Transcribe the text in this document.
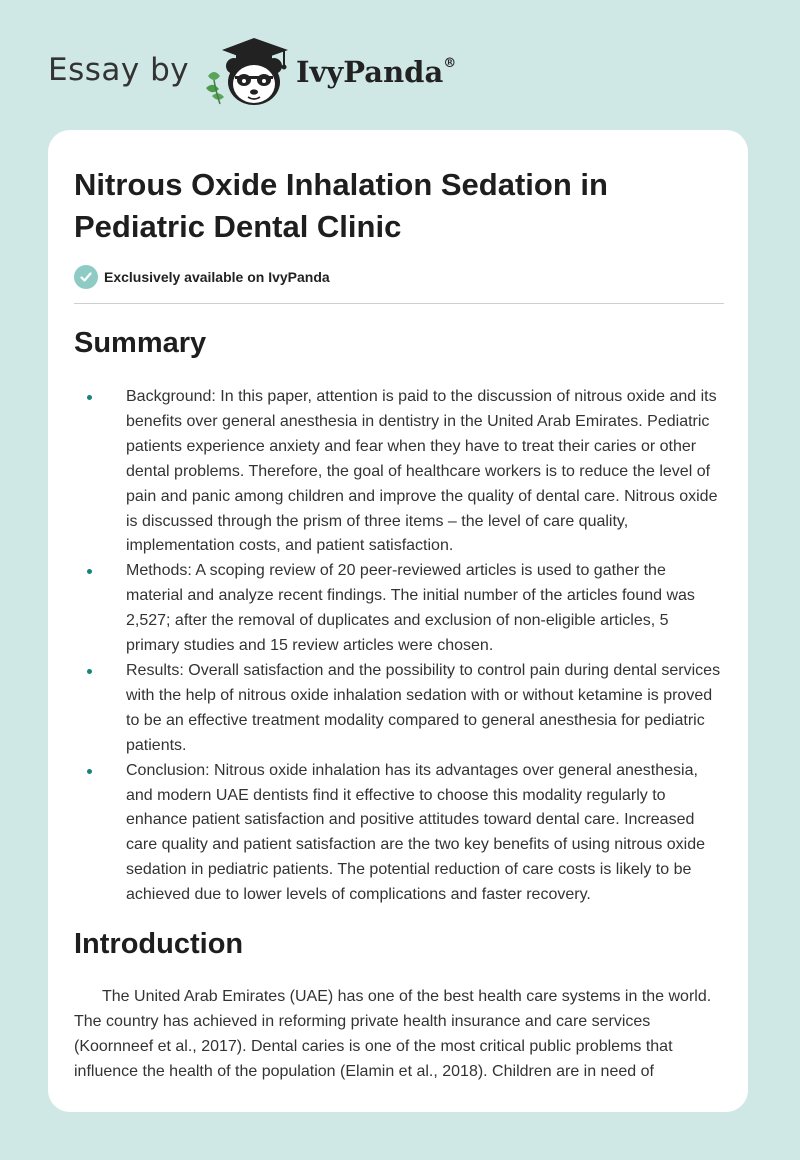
Essay by	IvyPanda®
Nitrous Oxide Inhalation Sedation in Pediatric Dental Clinic
Exclusively available on IvyPanda
Summary
Background: In this paper, attention is paid to the discussion of nitrous oxide and its benefits over general anesthesia in dentistry in the United Arab Emirates. Pediatric patients experience anxiety and fear when they have to treat their caries or other dental problems. Therefore, the goal of healthcare workers is to reduce the level of pain and panic among children and improve the quality of dental care. Nitrous oxide is discussed through the prism of three items – the level of care quality, implementation costs, and patient satisfaction.
Methods: A scoping review of 20 peer-reviewed articles is used to gather the material and analyze recent findings. The initial number of the articles found was 2,527; after the removal of duplicates and exclusion of non-eligible articles, 5 primary studies and 15 review articles were chosen.
Results: Overall satisfaction and the possibility to control pain during dental services with the help of nitrous oxide inhalation sedation with or without ketamine is proved to be an effective treatment modality compared to general anesthesia for pediatric patients.
Conclusion: Nitrous oxide inhalation has its advantages over general anesthesia, and modern UAE dentists find it effective to choose this modality regularly to enhance patient satisfaction and positive attitudes toward dental care. Increased care quality and patient satisfaction are the two key benefits of using nitrous oxide sedation in pediatric patients. The potential reduction of care costs is likely to be achieved due to lower levels of complications and faster recovery.
Introduction

The United Arab Emirates (UAE) has one of the best health care systems in the world. The country has achieved in reforming private health insurance and care services (Koornneef et al., 2017). Dental caries is one of the most critical public problems that influence the health of the population (Elamin et al., 2018). Children are in need of
